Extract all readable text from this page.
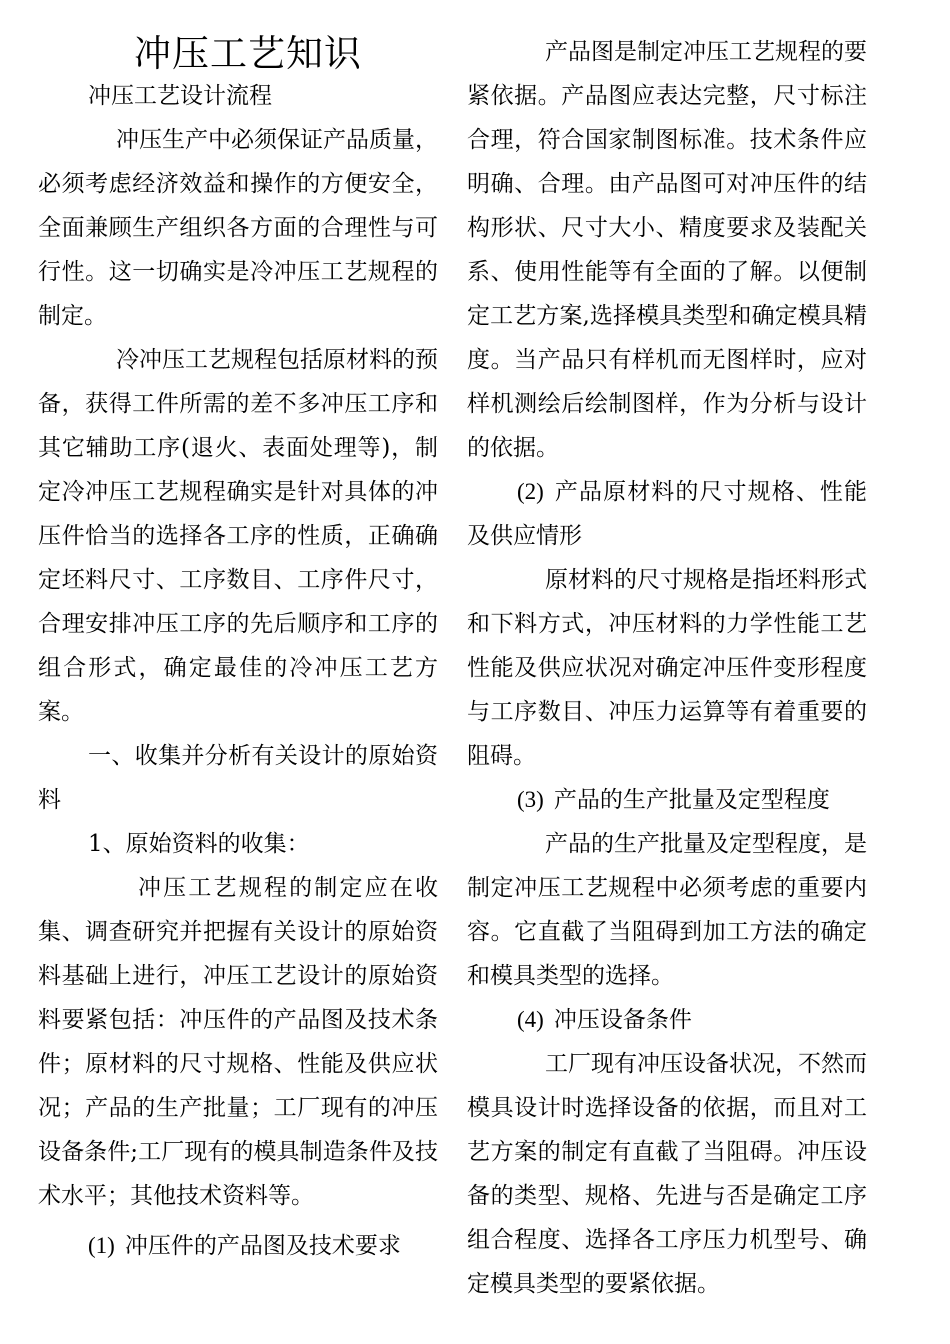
冲压工艺知识

冲压工艺设计流程

冲压生产中必须保证产品质量，必须考虑经济效益和操作的方便安全，全面兼顾生产组织各方面的合理性与可行性。这一切确实是冷冲压工艺规程的制定。

冷冲压工艺规程包括原材料的预备，获得工件所需的差不多冲压工序和其它辅助工序(退火、表面处理等)，制定冷冲压工艺规程确实是针对具体的冲压件恰当的选择各工序的性质，正确确定坯料尺寸、工序数目、工序件尺寸，合理安排冲压工序的先后顺序和工序的组合形式，确定最佳的冷冲压工艺方案。

一、收集并分析有关设计的原始资料

1、原始资料的收集：

冲压工艺规程的制定应在收集、调查研究并把握有关设计的原始资料基础上进行，冲压工艺设计的原始资料要紧包括：冲压件的产品图及技术条件；原材料的尺寸规格、性能及供应状况；产品的生产批量；工厂现有的冲压设备条件;工厂现有的模具制造条件及技术水平；其他技术资料等。

(1) 冲压件的产品图及技术要求

产品图是制定冲压工艺规程的要紧依据。产品图应表达完整，尺寸标注合理，符合国家制图标准。技术条件应明确、合理。由产品图可对冲压件的结构形状、尺寸大小、精度要求及装配关系、使用性能等有全面的了解。以便制定工艺方案,选择模具类型和确定模具精度。当产品只有样机而无图样时，应对样机测绘后绘制图样，作为分析与设计的依据。

(2) 产品原材料的尺寸规格、性能及供应情形

原材料的尺寸规格是指坯料形式和下料方式，冲压材料的力学性能工艺性能及供应状况对确定冲压件变形程度与工序数目、冲压力运算等有着重要的阻碍。

(3) 产品的生产批量及定型程度

产品的生产批量及定型程度，是制定冲压工艺规程中必须考虑的重要内容。它直截了当阻碍到加工方法的确定和模具类型的选择。

(4) 冲压设备条件

工厂现有冲压设备状况，不然而模具设计时选择设备的依据，而且对工艺方案的制定有直截了当阻碍。冲压设备的类型、规格、先进与否是确定工序组合程度、选择各工序压力机型号、确定模具类型的要紧依据。
